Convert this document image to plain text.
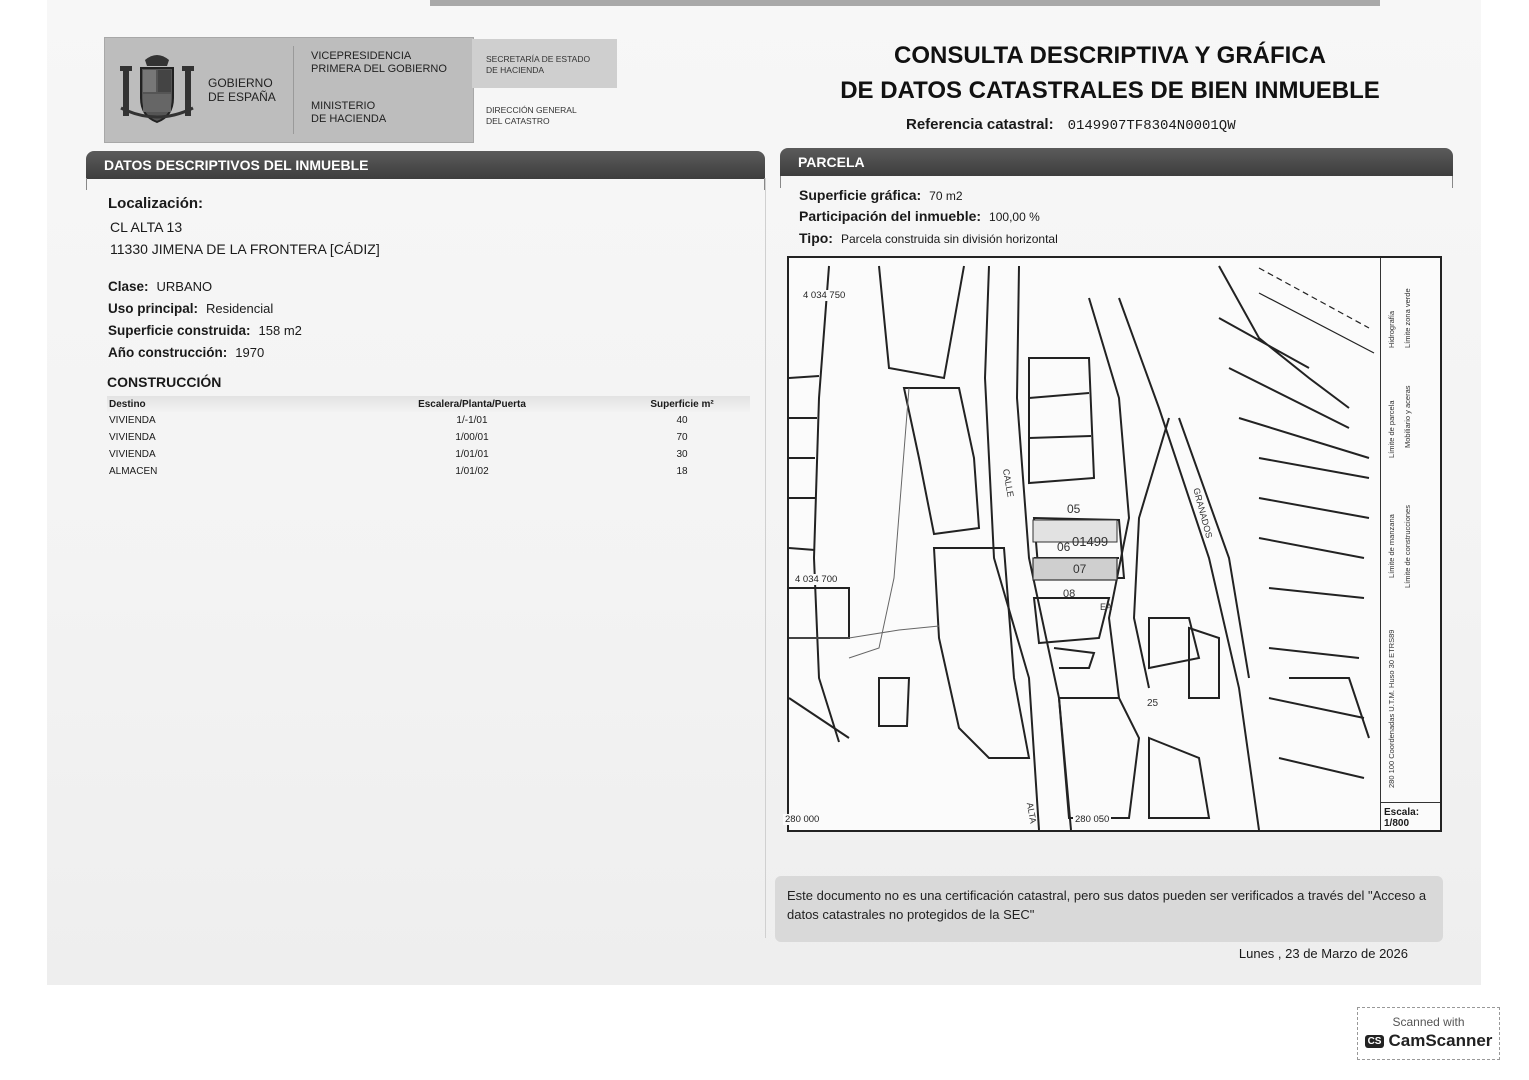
GOBIERNO
DE ESPAÑA
VICEPRESIDENCIA
PRIMERA DEL GOBIERNO
MINISTERIO
DE HACIENDA
SECRETARÍA DE ESTADO
DE HACIENDA
DIRECCIÓN GENERAL
DEL CATASTRO
CONSULTA DESCRIPTIVA Y GRÁFICA
DE DATOS CATASTRALES DE BIEN INMUEBLE
Referencia catastral: 0149907TF8304N0001QW
DATOS DESCRIPTIVOS DEL INMUEBLE	PARCELA
Localización:
CL ALTA 13
11330 JIMENA DE LA FRONTERA [CÁDIZ]
Clase: URBANO
Uso principal: Residencial
Superficie construida: 158 m2
Año construcción: 1970
CONSTRUCCIÓN
Destino	Escalera/Planta/Puerta	Superficie m²
VIVIENDA	1/-1/01	40
VIVIENDA	1/00/01	70
VIVIENDA	1/01/01	30
ALMACEN	1/01/02	18
Superficie gráfica: 70 m2
Participación del inmueble: 100,00 %
Tipo: Parcela construida sin división horizontal
4 034 750
4 034 700
280 000	280 050
05
06 01499
07
08
EA
25
CALLE
GRANADOS
ALTA
Límite de manzana
Límite de parcela
Hidrografía
Límite de construcciones
Mobiliario y aceras
Límite zona verde
280 100 Coordenadas U.T.M. Huso 30 ETRS89
Escala:
1/800
Este documento no es una certificación catastral, pero sus datos pueden ser verificados a través del "Acceso a datos catastrales no protegidos de la SEC"
Lunes , 23 de Marzo de 2026
Scanned with
CS CamScanner
